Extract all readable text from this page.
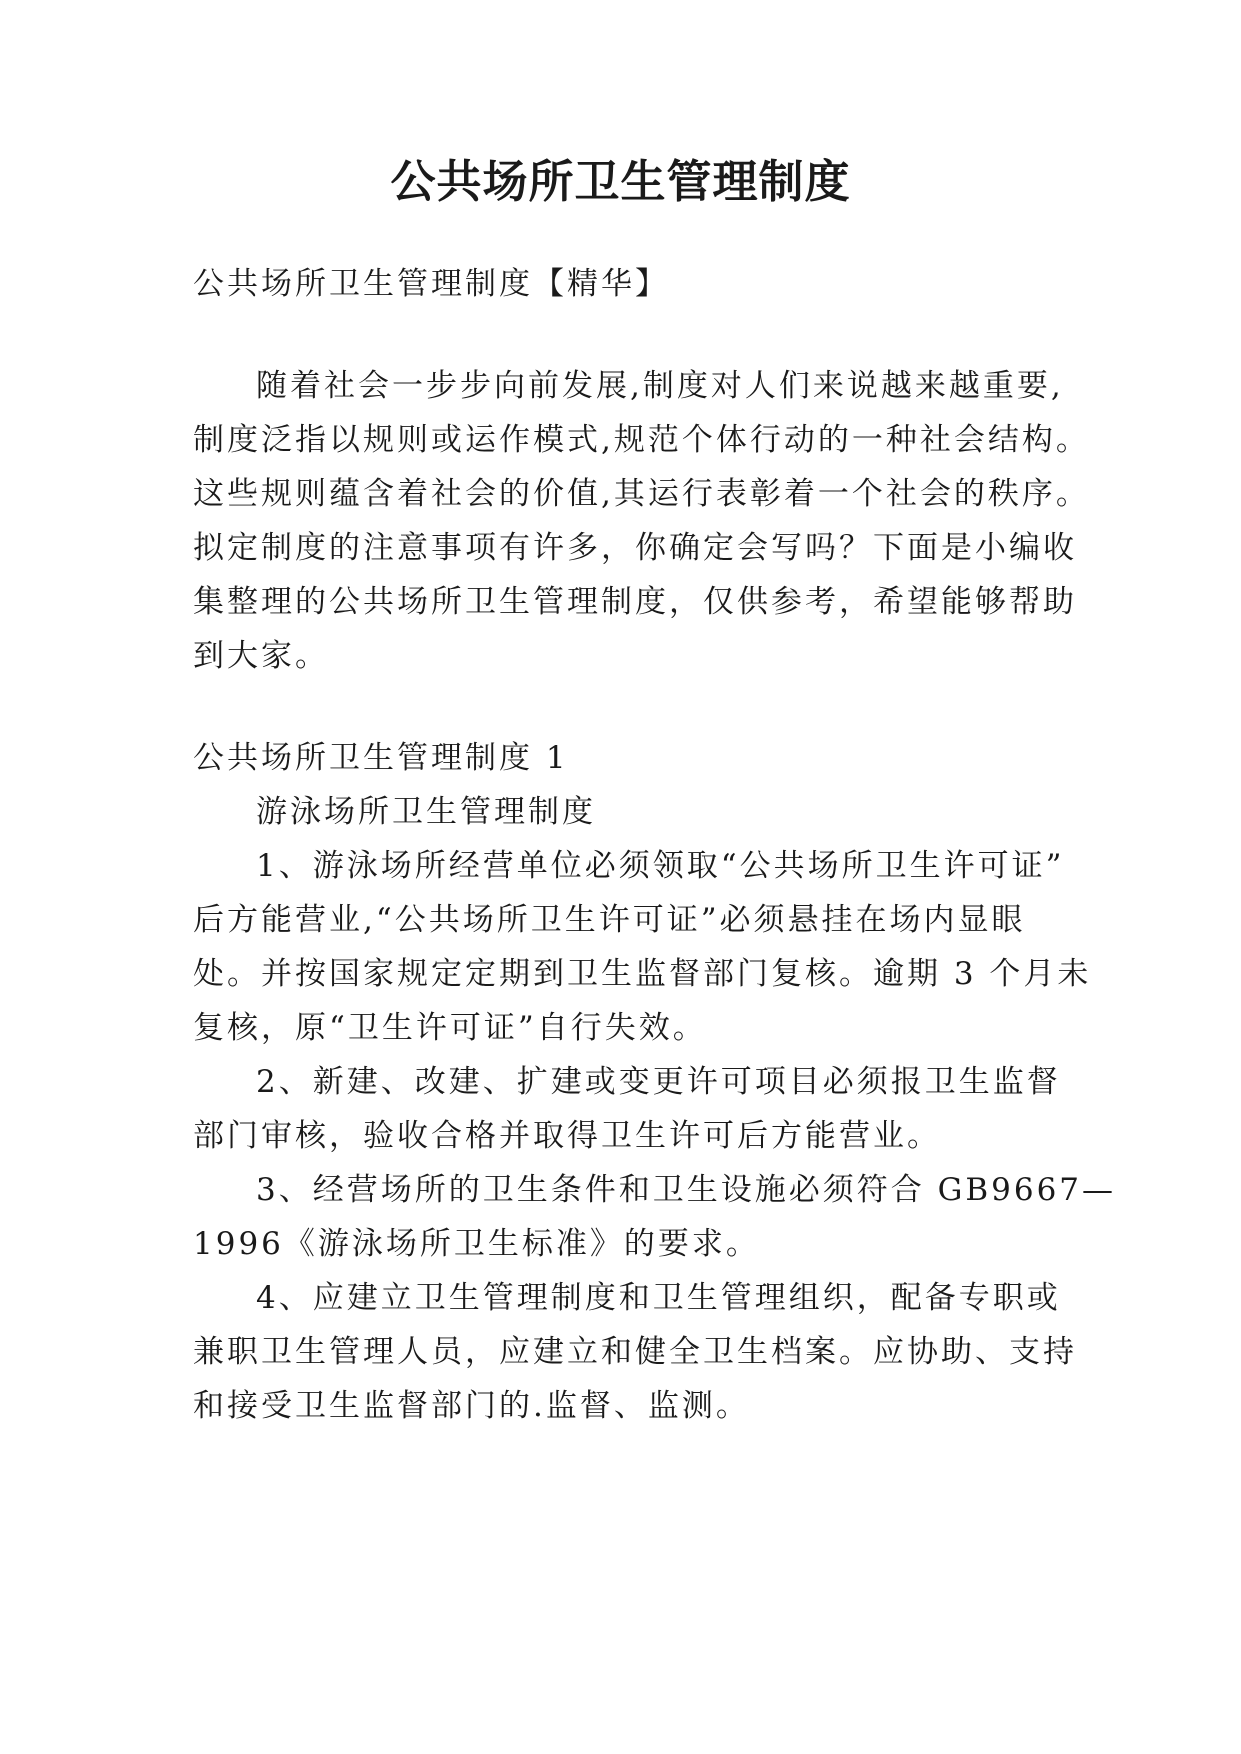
公共场所卫生管理制度

公共场所卫生管理制度【精华】

随着社会一步步向前发展,制度对人们来说越来越重要,

制度泛指以规则或运作模式,规范个体行动的一种社会结构。

这些规则蕴含着社会的价值,其运行表彰着一个社会的秩序。

拟定制度的注意事项有许多，你确定会写吗？下面是小编收

集整理的公共场所卫生管理制度，仅供参考，希望能够帮助

到大家。

公共场所卫生管理制度 1

游泳场所卫生管理制度

1、游泳场所经营单位必须领取“公共场所卫生许可证”

后方能营业,“公共场所卫生许可证”必须悬挂在场内显眼

处。并按国家规定定期到卫生监督部门复核。逾期 3 个月未

复核，原“卫生许可证”自行失效。

2、新建、改建、扩建或变更许可项目必须报卫生监督

部门审核，验收合格并取得卫生许可后方能营业。

3、经营场所的卫生条件和卫生设施必须符合 GB9667—

1996《游泳场所卫生标准》的要求。

4、应建立卫生管理制度和卫生管理组织，配备专职或

兼职卫生管理人员，应建立和健全卫生档案。应协助、支持

和接受卫生监督部门的.监督、监测。
